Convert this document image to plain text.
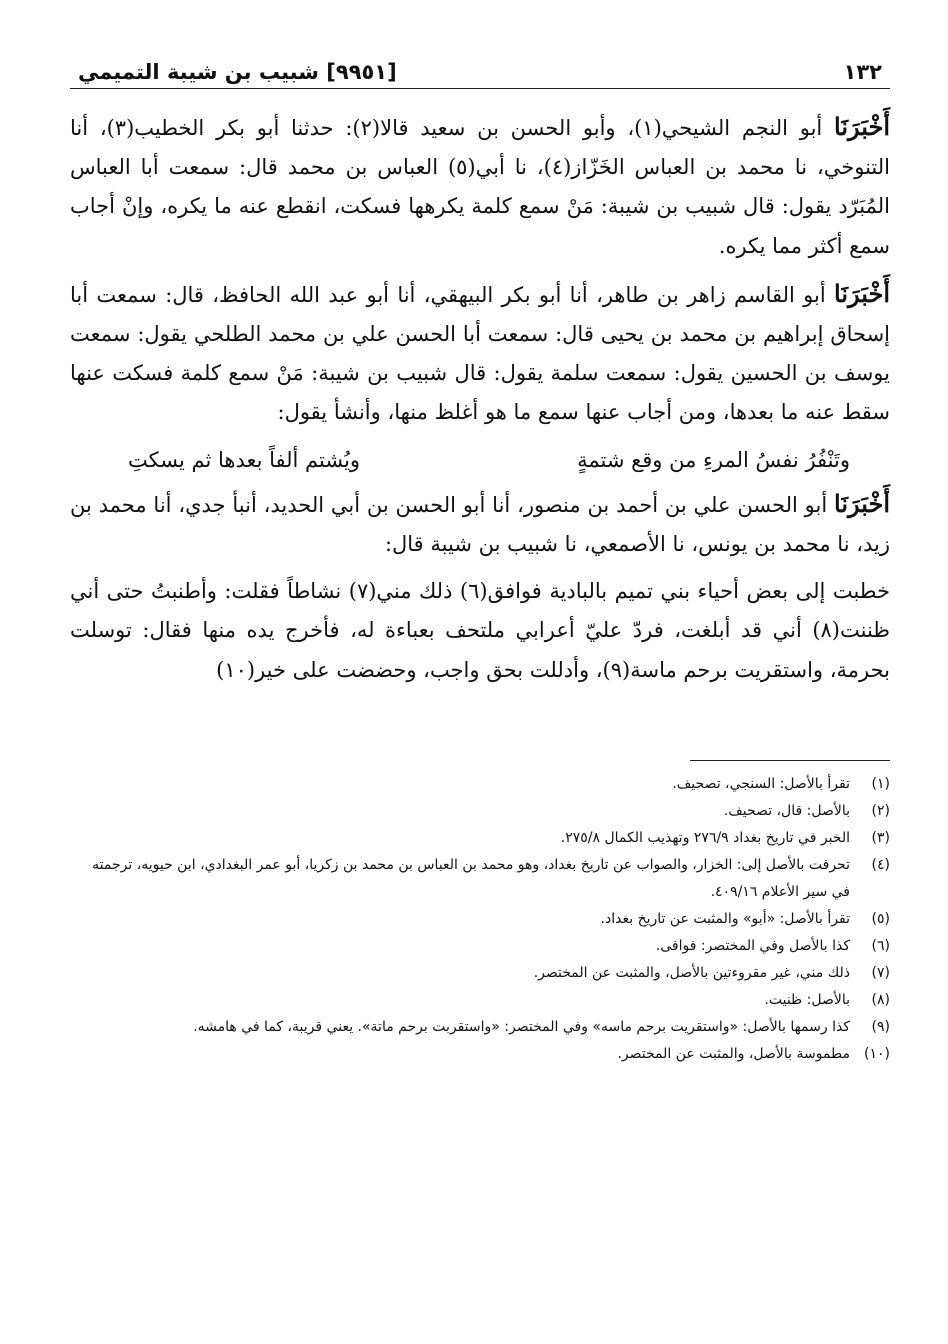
١٣٢
[٩٩٥١] شبيب بن شيبة التميمي

أَخْبَرَنَا أبو النجم الشيحي(١)، وأبو الحسن بن سعيد قالا(٢): حدثنا أبو بكر الخطيب(٣)، أنا التنوخي، نا محمد بن العباس الخَزّاز(٤)، نا أبي(٥) العباس بن محمد قال: سمعت أبا العباس المُبَرّد يقول: قال شبيب بن شيبة: مَنْ سمع كلمة يكرهها فسكت، انقطع عنه ما يكره، وإنْ أجاب سمع أكثر مما يكره.

أَخْبَرَنَا أبو القاسم زاهر بن طاهر، أنا أبو بكر البيهقي، أنا أبو عبد الله الحافظ، قال: سمعت أبا إسحاق إبراهيم بن محمد بن يحيى قال: سمعت أبا الحسن علي بن محمد الطلحي يقول: سمعت يوسف بن الحسين يقول: سمعت سلمة يقول: قال شبيب بن شيبة: مَنْ سمع كلمة فسكت عنها سقط عنه ما بعدها، ومن أجاب عنها سمع ما هو أغلظ منها، وأنشأ يقول:

وتَنْفُرُ نفسُ المرءِ من وقع شتمةٍ
ويُشتم ألفاً بعدها ثم يسكتِ

أَخْبَرَنَا أبو الحسن علي بن أحمد بن منصور، أنا أبو الحسن بن أبي الحديد، أنبأ جدي، أنا محمد بن زيد، نا محمد بن يونس، نا الأصمعي، نا شبيب بن شيبة قال:

خطبت إلى بعض أحياء بني تميم بالبادية فوافق(٦) ذلك مني(٧) نشاطاً فقلت: وأطنبتُ حتى أني ظننت(٨) أني قد أبلغت، فردّ عليّ أعرابي ملتحف بعباءة له، فأخرج يده منها فقال: توسلت بحرمة، واستقريت برحم ماسة(٩)، وأدللت بحق واجب، وحضضت على خير(١٠)

(١)
تقرأ بالأصل: السنجي، تصحيف.
(٢)
بالأصل: قال، تصحيف.
(٣)
الخبر في تاريخ بغداد ٢٧٦/٩ وتهذيب الكمال ٢٧٥/٨.
(٤)
تحرفت بالأصل إلى: الخزار، والصواب عن تاريخ بغداد، وهو محمد بن العباس بن محمد بن زكريا، أبو عمر البغدادي، ابن حيويه، ترجمته في سير الأعلام ٤٠٩/١٦.
(٥)
تقرأ بالأصل: «أبو» والمثبت عن تاريخ بغداد.
(٦)
كذا بالأصل وفي المختصر: فوافى.
(٧)
ذلك مني، غير مقروءتين بالأصل، والمثبت عن المختصر.
(٨)
بالأصل: ظنيت.
(٩)
كذا رسمها بالأصل: «واستقريت برحم ماسه» وفي المختصر: «واستقربت برحم ماتة». يعني قريبة، كما في هامشه.
(١٠)
مطموسة بالأصل، والمثبت عن المختصر.
